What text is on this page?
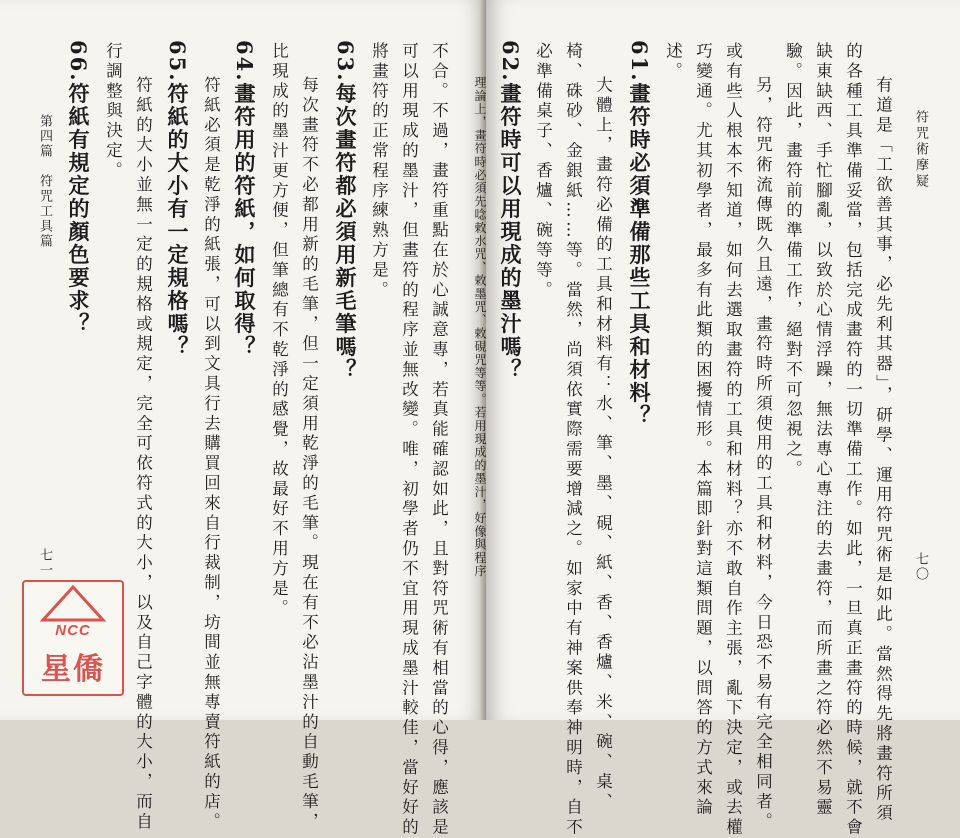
不合。不過，畫符重點在於心誠意專，若真能確認如此，且對符咒術有相當的心得，應該是
可以用現成的墨汁，但畫符的程序並無改變。唯，初學者仍不宜用現成墨汁較佳，當好好的
將畫符的正常程序練熟方是。
63.每次畫符都必須用新毛筆嗎？
每次畫符不必都用新的毛筆，但一定須用乾淨的毛筆。現在有不必沾墨汁的自動毛筆，
比現成的墨汁更方便，但筆總有不乾淨的感覺，故最好不用方是。
64.畫符用的符紙，如何取得？
符紙必須是乾淨的紙張，可以到文具行去購買回來自行裁制，坊間並無專賣符紙的店。
65.符紙的大小有一定規格嗎？
符紙的大小並無一定的規格或規定，完全可依符式的大小，以及自己字體的大小，而自
行調整與決定。
66.符紙有規定的顏色要求？
第四篇　符咒工具篇
七一
NCC
星僑
符咒術摩疑
七〇
有道是「工欲善其事，必先利其器」，研學、運用符咒術是如此。當然得先將畫符所須
的各種工具準備妥當，包括完成畫符的一切準備工作。如此，一旦真正畫符的時候，就不會
缺東缺西、手忙腳亂，以致於心情浮躁，無法專心專注的去畫符，而所畫之符必然不易靈
驗。因此，畫符前的準備工作，絕對不可忽視之。
另，符咒術流傳既久且遠，畫符時所須使用的工具和材料，今日恐不易有完全相同者。
或有些人根本不知道，如何去選取畫符的工具和材料？亦不敢自作主張，亂下決定，或去權
巧變通。尤其初學者，最多有此類的困擾情形。本篇即針對這類問題，以問答的方式來論
述。
61.畫符時必須準備那些工具和材料？
大體上，畫符必備的工具和材料有：水、筆、墨、硯、紙、香、香爐、米、碗、桌、
椅、硃砂、金銀紙……等。當然，尚須依實際需要增減之。如家中有神案供奉神明時，自不
必準備桌子、香爐、碗等等。
62.畫符時可以用現成的墨汁嗎？
理論上，畫符時必須先唸敕水咒、敕墨咒、敕硯咒等等。若用現成的墨汁，好像與程序
